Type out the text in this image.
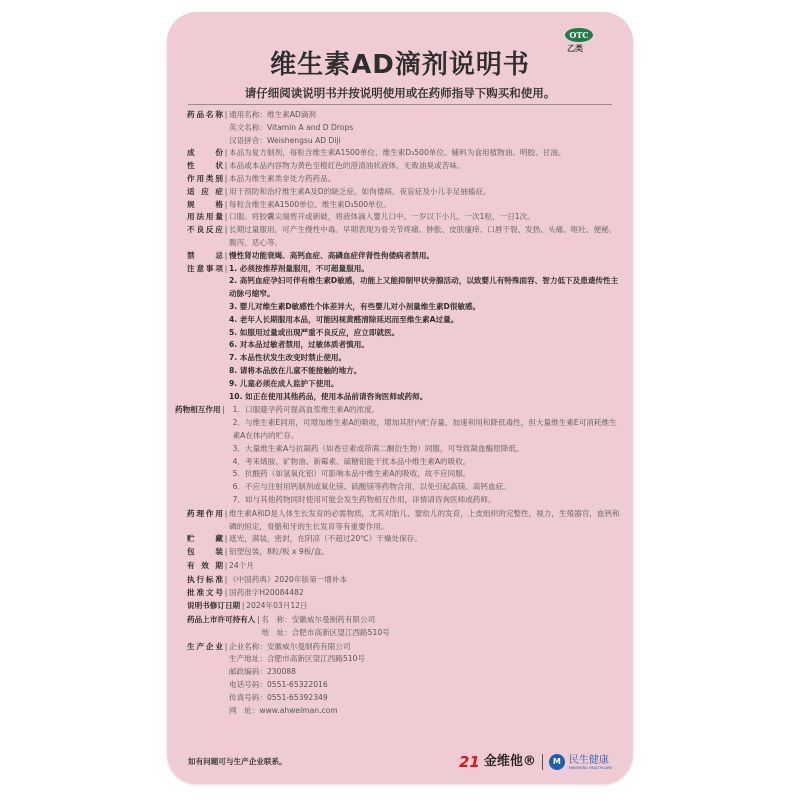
OTC
乙类
维生素AD滴剂说明书
请仔细阅读说明书并按说明使用或在药师指导下购买和使用。
药品名称 | 通用名称：维生素AD滴剂
英文名称：Vitamin A and D Drops
汉语拼音：Weishengsu AD Diji
成份 | 本品为复方制剂，每粒含维生素A1500单位、维生素D₃500单位。辅料为食用植物油、明胶、甘油。
性状 | 本品或本品内容物为黄色至橙红色的澄清油状液体，无败油臭或苦味。
作用类别 | 本品为维生素类非处方药药品。
适应症 | 用于预防和治疗维生素A及D的缺乏症。如佝偻病、夜盲症及小儿手足抽搐症。
规格 | 每粒含维生素A1500单位、维生素D₃500单位。
用法用量 | 口服。将胶囊尖端剪开或刺破，将液体滴入婴儿口中。一岁以下小儿，一次1粒，一日1次。
不良反应 | 长期过量服用，可产生慢性中毒。早期表现为骨关节疼痛、肿胀、皮肤瘙痒、口唇干裂、发热、头痛、呕吐、便秘、腹泻、恶心等。
禁忌 | 慢性肾功能衰竭、高钙血症、高磷血症伴肾性佝偻病者禁用。
注意事项 | 1. 必须按推荐剂量服用，不可超量服用。
2. 高钙血症孕妇可伴有维生素D敏感，功能上又能抑制甲状旁腺活动，以致婴儿有特殊面容、智力低下及患遗传性主动脉弓缩窄。
3. 婴儿对维生素D敏感性个体差异大，有些婴儿对小剂量维生素D很敏感。
4. 老年人长期服用本品，可能因视黄醛清除延迟而至维生素A过量。
5. 如服用过量或出现严重不良反应，应立即就医。
6. 对本品过敏者禁用，过敏体质者慎用。
7. 本品性状发生改变时禁止使用。
8. 请将本品放在儿童不能接触的地方。
9. 儿童必须在成人监护下使用。
10. 如正在使用其他药品，使用本品前请咨询医师或药师。
药物相互作用 | 1．口服避孕药可提高血浆维生素A的浓度。
2．与维生素E同用，可增加维生素A的吸收，增加其肝内贮存量，加速利用和降低毒性，但大量维生素E可消耗维生素A在体内的贮存。
3．大量维生素A与抗凝药（如香豆素或茚满二酮衍生物）同服，可导致凝血酶原降低。
4．考来烯胺、矿物油、新霉素、硫糖铝能干扰本品中维生素A的吸收。
5．抗酸药（如氢氧化铝）可影响本品中维生素A的吸收，故不应同服。
6．不应与注射用钙制剂或氧化镁、硫酸镁等药物合用，以免引起高镁、高钙血症。
7．如与其他药物同时使用可能会发生药物相互作用，详情请咨询医师或药师。
药理作用 | 维生素A和D是人体生长发育的必需物质，尤其对胎儿、婴幼儿的发育，上皮组织的完整性，视力，生殖器官，血钙和磷的恒定，骨骼和牙的生长发育等有重要作用。
贮藏 | 遮光，满装，密封，在阴凉（不超过20℃）干燥处保存。
包装 | 铝塑包装，8粒/板 x 9板/盒。
有效期 | 24个月
执行标准 | 《中国药典》2020年版第一增补本
批准文号 | 国药准字H20084482
说明书修订日期 | 2024年03月12日
药品上市许可持有人 | 名　称：安徽威尔曼制药有限公司
地　址：合肥市高新区望江西路510号
生产企业 | 企业名称：安徽威尔曼制药有限公司
生产地址：合肥市高新区望江西路510号
邮政编码：230088
电话号码：0551-65322016
传真号码：0551-65392349
网　址：www.ahwelman.com
如有问题可与生产企业联系。	21 金维他®	M 民生健康
MINSHENG HEALTHCARE
